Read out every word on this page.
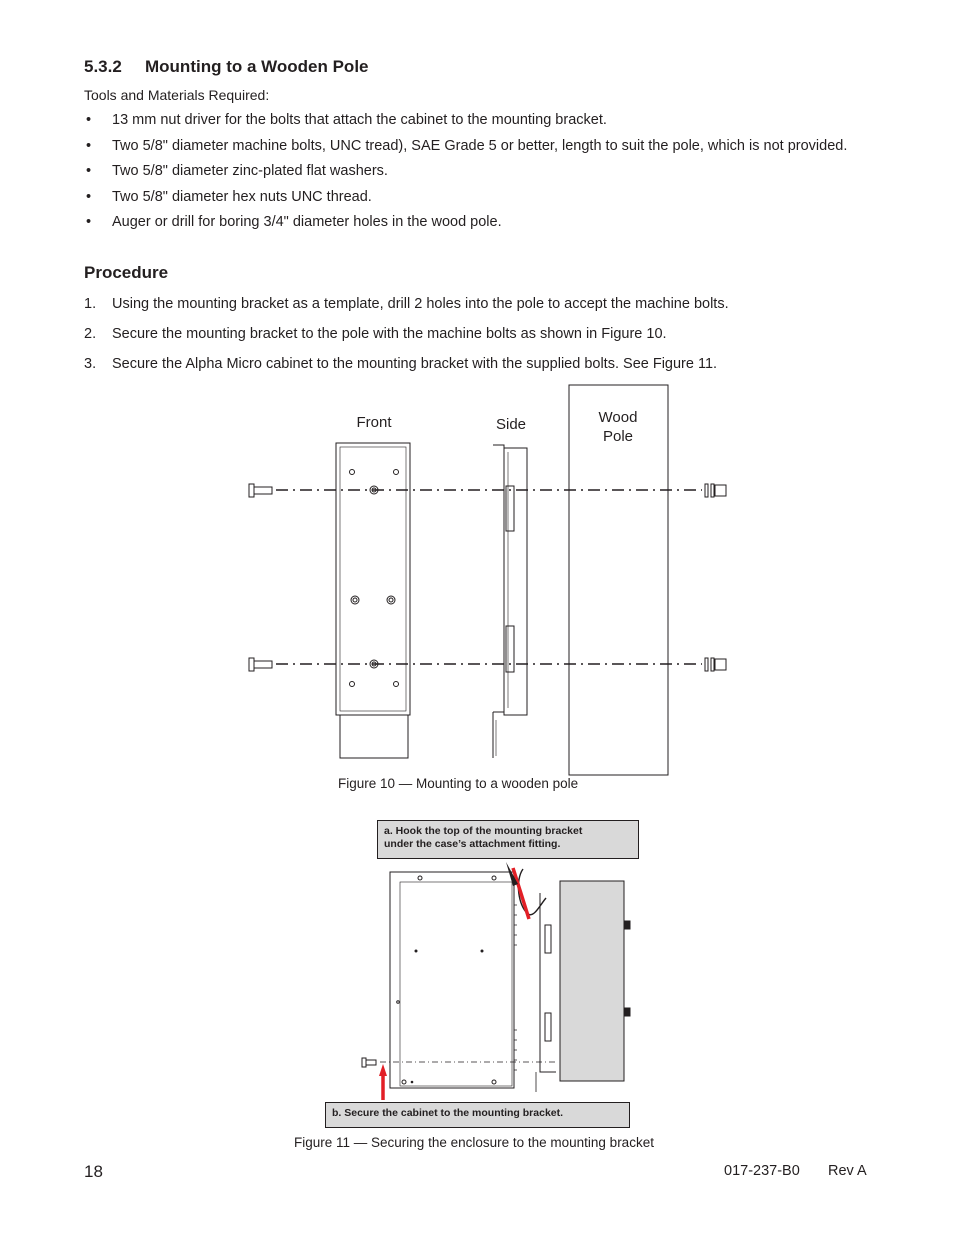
5.3.2 Mounting to a Wooden Pole
Tools and Materials Required:
• 13 mm nut driver for the bolts that attach the cabinet to the mounting bracket.
• Two 5/8" diameter machine bolts, UNC tread), SAE Grade 5 or better, length to suit the pole, which is not provided.
• Two 5/8" diameter zinc-plated flat washers.
• Two 5/8" diameter hex nuts UNC thread.
• Auger or drill for boring 3/4" diameter holes in the wood pole.
Procedure
1. Using the mounting bracket as a template, drill 2 holes into the pole to accept the machine bolts.
2. Secure the mounting bracket to the pole with the machine bolts as shown in Figure 10.
3. Secure the Alpha Micro cabinet to the mounting bracket with the supplied bolts. See Figure 11.
Front	Side	Wood
Pole
Figure 10 — Mounting to a wooden pole
a. Hook the top of the mounting bracket
under the case’s attachment fitting.
b. Secure the cabinet to the mounting bracket.
Figure 11 — Securing the enclosure to the mounting bracket
18	017-237-B0 Rev A
